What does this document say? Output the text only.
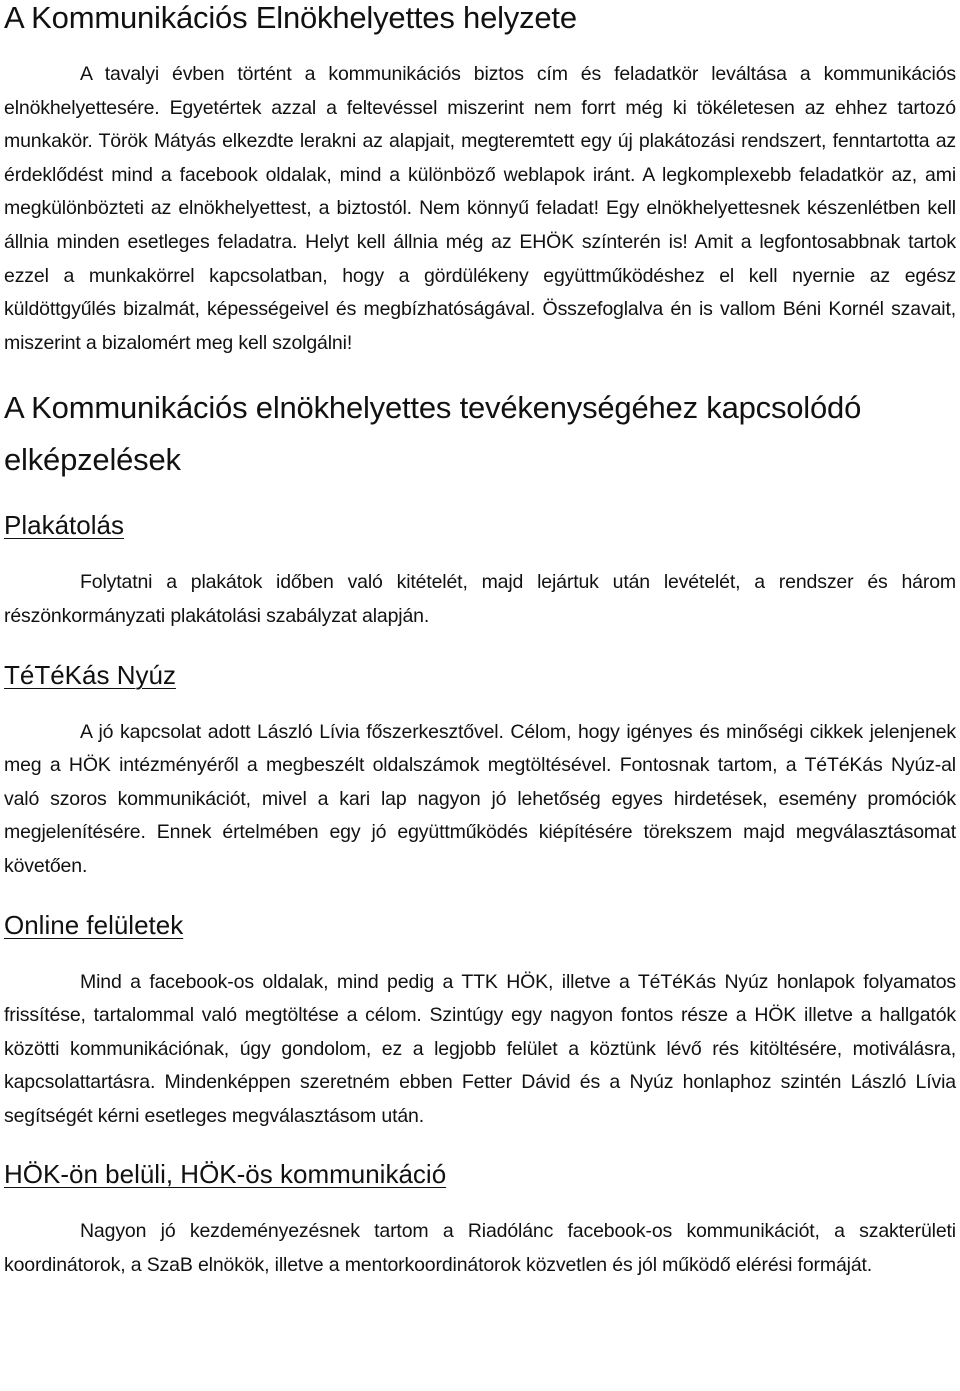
A Kommunikációs Elnökhelyettes helyzete

A tavalyi évben történt a kommunikációs biztos cím és feladatkör leváltása a kommunikációs elnökhelyettesére. Egyetértek azzal a feltevéssel miszerint nem forrt még ki tökéletesen az ehhez tartozó munkakör. Török Mátyás elkezdte lerakni az alapjait, megteremtett egy új plakátozási rendszert, fenntartotta az érdeklődést mind a facebook oldalak, mind a különböző weblapok iránt. A legkomplexebb feladatkör az, ami megkülönbözteti az elnökhelyettest, a biztostól. Nem könnyű feladat! Egy elnökhelyettesnek készenlétben kell állnia minden esetleges feladatra. Helyt kell állnia még az EHÖK színterén is! Amit a legfontosabbnak tartok ezzel a munkakörrel kapcsolatban, hogy a gördülékeny együttműködéshez el kell nyernie az egész küldöttgyűlés bizalmát, képességeivel és megbízhatóságával. Összefoglalva én is vallom Béni Kornél szavait, miszerint a bizalomért meg kell szolgálni!

A Kommunikációs elnökhelyettes tevékenységéhez kapcsolódó elképzelések
Plakátolás

Folytatni a plakátok időben való kitételét, majd lejártuk után levételét, a rendszer és három részönkormányzati plakátolási szabályzat alapján.

TéTéKás Nyúz

A jó kapcsolat adott László Lívia főszerkesztővel. Célom, hogy igényes és minőségi cikkek jelenjenek meg a HÖK intézményéről a megbeszélt oldalszámok megtöltésével. Fontosnak tartom, a TéTéKás Nyúz-al való szoros kommunikációt, mivel a kari lap nagyon jó lehetőség egyes hirdetések, esemény promóciók megjelenítésére. Ennek értelmében egy jó együttműködés kiépítésére törekszem majd megválasztásomat követően.

Online felületek

Mind a facebook-os oldalak, mind pedig a TTK HÖK, illetve a TéTéKás Nyúz honlapok folyamatos frissítése, tartalommal való megtöltése a célom. Szintúgy egy nagyon fontos része a HÖK illetve a hallgatók közötti kommunikációnak, úgy gondolom, ez a legjobb felület a köztünk lévő rés kitöltésére, motiválásra, kapcsolattartásra. Mindenképpen szeretném ebben Fetter Dávid és a Nyúz honlaphoz szintén László Lívia segítségét kérni esetleges megválasztásom után.

HÖK-ön belüli, HÖK-ös kommunikáció

Nagyon jó kezdeményezésnek tartom a Riadólánc facebook-os kommunikációt, a szakterületi koordinátorok, a SzaB elnökök, illetve a mentorkoordinátorok közvetlen és jól működő elérési formáját.
